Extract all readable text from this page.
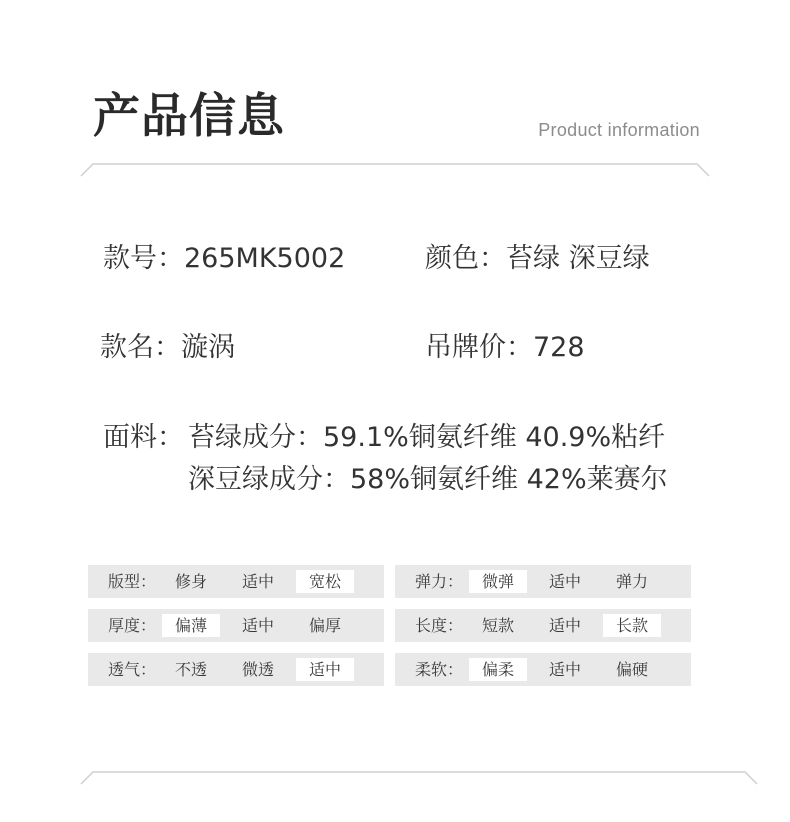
产品信息	Product information
款号：265MK5002	颜色：苔绿 深豆绿
款名：漩涡	吊牌价：728
面料： 苔绿成分：59.1%铜氨纤维 40.9%粘纤
深豆绿成分：58%铜氨纤维 42%莱赛尔
版型：	修身	适中	宽松	弹力：	微弹	适中	弹力
厚度：	偏薄	适中	偏厚	长度：	短款	适中	长款
透气：	不透	微透	适中	柔软：	偏柔	适中	偏硬
